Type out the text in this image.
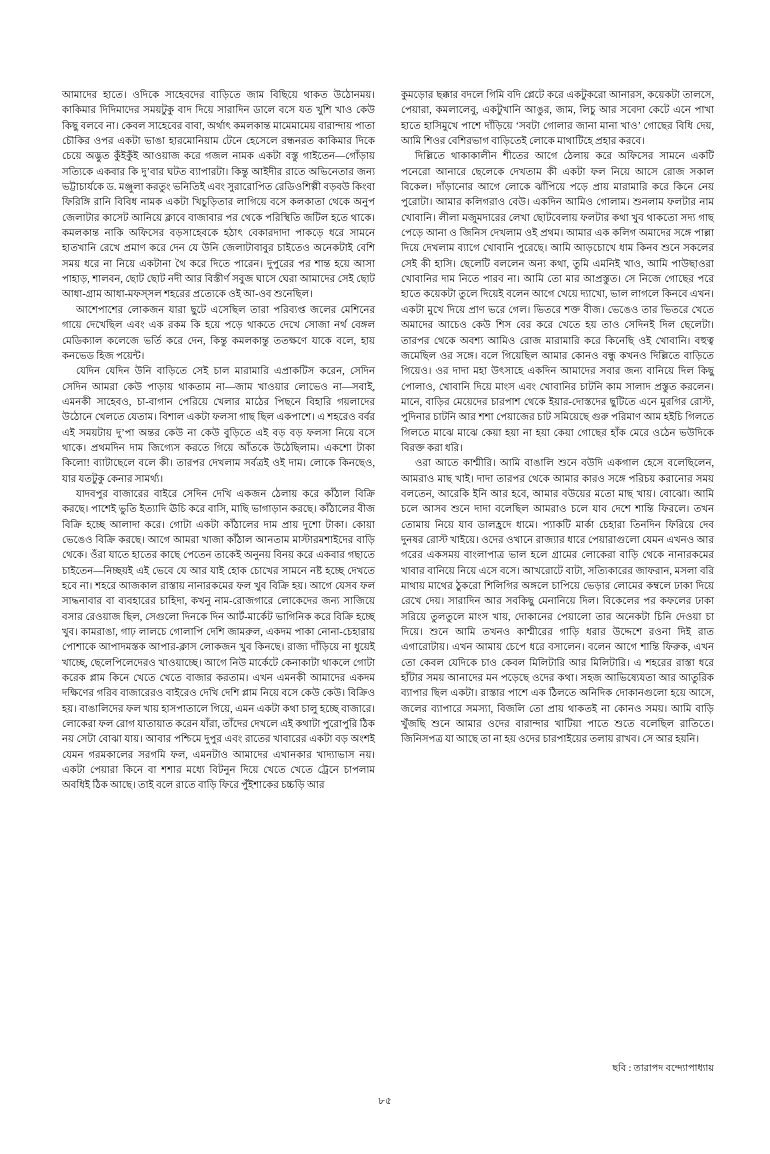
আমাদের হাতে। ওদিকে সাহেবদের বাড়িতে জাম বিছিয়ে থাকত উঠোনময়। কাকিমার দিদিমাদের সময়টুকু বাদ দিয়ে সারাদিন ডালে বসে যত খুশি খাও কেউ কিছু বলবে না। কেবল সাহেবের বাবা, অর্থাৎ কমলকান্ত মামেমামেয় বারান্দায় পাতা চৌকির ওপর একটা ভাঙা হারমোনিয়াম টেনে হেসেলে রন্ধনরত কাকিমার দিকে চেয়ে অদ্ভুত কুঁইকুঁই আওয়াজ করে গজল নামক একটা বস্তু গাইতেন—গোঁড়ায় সত্যিকে একবার কি দু’বার ঘটত ব্যাপারটা। কিন্তু আইদীর রাতে অভিনেতার জন্য ভট্টাচার্যকে ড. মঞ্জুলা করতুং ভনিতিই এবং সুরারোপিত রেডিওশিল্পী বড়বউ কিংবা ফিরিঙ্গি রানি বিবিধ নামক একটা খিচুড়িতার লাগিয়ে বসে কলকাতা থেকে অনুপ জেলাটার কাসেট আনিয়ে ক্লাবে বাজাবার পর থেকে পরিস্থিতি জটিল হতে থাকে। কমলকান্ত নাকি অফিসের বড়সাহেবকে হঠাৎ বেকারদাদা পাকড়ে ধরে সামনে হাতখানি রেখে প্রমাণ করে দেন যে উনি জেলাটাবাবুর চাইতেও অনেকটাই বেশি সময় ধরে না নিয়ে একটানা থৈ করে দিতে পারেন। দুপুরের পর শান্ত হয়ে আসা পাহাড়, শালবন, ছোট ছোট নদী আর বিস্তীর্ণ সবুজ ঘাসে ঘেরা আমাদের সেই ছোট আধা-গ্রাম আধা-মফস্সল শহরের প্রত্যেকে ওই আ-ওব শুনেছিল।

আশেপাশের লোকজন যারা ছুটে এসেছিল তারা পরিব্যপ্ত জলের মেশিনের গায়ে দেখেছিল এবং এক রকম কি হয়ে পড়ে থাকতে দেখে সোজা নর্থ বেঙ্গল মেডিক্যাল কলেজে ভর্তি করে দেন, কিন্তু কমলকান্তু ততক্ষণে যাকে বলে, হায় কনভেড হিজ পয়েন্ট।

যেদিন যেদিন উনি বাড়িতে সেই চাল মারামারি এপ্রাকটিস করেন, সেদিন সেদিন আমরা কেউ পাড়ায় থাকতাম না—জাম খাওয়ার লোভেও না—সবাই, এমনকী সাহেবও, চা-বাগান পেরিয়ে খেলার মাঠের পিছনে বিহারি গয়লাদের উঠোনে খেলতে যেতাম। বিশাল একটা ফলসা গাছ ছিল একপাশে। এ শহরেও বর্বর এই সময়টায় দু’পা অন্তর কেউ না কেউ বুড়িতে এই বড় বড় ফলসা নিয়ে বসে থাকে। প্রথমদিন দাম জিগ্যেস করতে গিয়ে আঁতকে উঠেছিলাম। একশো টাকা কিলো! ব্যাটাছেলে বলে কী। তারপর দেখলাম সর্বত্রই ওই দাম। লোকে কিনছেও, যার যতটুকু কেনার সামর্থ্য।

যাদবপুর বাজারের বাইরে সেদিন দেখি একজন ঠেলায় করে কাঁঠাল বিক্রি করছে। পাশেই ভুতি ইত্যাদি ঊচি করে বাসি, মাছি ভাগাড়ান করছে। কাঁঠালের বীজ বিক্রি হচ্ছে আলাদা করে। গোটা একটা কাঁঠালের দাম প্রায় দুশো টাকা। কোয়া ভেঙেও বিক্রি করছে। আগে আমরা খাজা কাঁঠাল আনতাম মাস্টারমশাইদের বাড়ি থেকে। ওঁরা যাতে হাতের কাছে পেতেন তাকেই অনুনয় বিনয় করে একবার গছাতে চাইতেন—নিচ্ছয়ই এই ভেবে যে আর যাই হোক চোখের সামনে নষ্ট হচ্ছে দেখতে হবে না। শহরে আজকাল রাস্তায় নানারকমের ফল খুব বিক্রি হয়। আগে যেসব ফল সাদ্ধনাবার বা ব্যবহারের চাহিদা, কখনু নাম-রোজগারে লোকেদের জন্য সাজিয়ে বসার রেওয়াজ ছিল, সেগুলো দিনকে দিন আর্ট-মার্কেট ভাগিনিক করে বিক্রি হচ্ছে খুব। কামরাঙা, গাঢ় লালচে গোলাপি দেশি জামরুল, একদম পাকা নোনা-চেহারায় পোশাকে আপাদমস্তক আপার-ক্লাস লোকজন খুব কিনছে। রাজ্য দাঁড়িয়ে না ধুয়েই খাচ্ছে, ছেলেপিলেদেরও খাওয়াচ্ছে। আগে নিউ মার্কেটে কেনাকাটা থাকলে গোটা করেক প্লাম কিনে খেতে খেতে বাজার করতাম। এখন এমনকী আমাদের একদম দক্ষিণের গরিব বাজারেরও বাইরেও দেখি দেশি প্লাম নিয়ে বসে কেউ কেউ। বিক্রিও হয়। বাঙালিদের ফল খায় হাসপাতালে গিয়ে, এমন একটা কথা চালু হচ্ছে বাজারে। লোকেরা ফল রোগ যাতায়াত করেন যাঁরা, তাঁদের দেখলে এই কথাটা পুরোপুরি ঠিক নয় সেটা বোঝা যায়। আবার পশ্চিমে দুপুর এবং রাতের খাবারের একটা বড় অংশই যেমন গরমকালের সরগমি ফল, এমনটাও আমাদের এখানকার খাদ্যাভাস নয়। একটা পেয়ারা কিনে বা শশার মধ্যে বিটনুন দিয়ে খেতে খেতে ট্রেনে চাপলাম অবধিই ঠিক আছে। তাই বলে রাতে বাড়ি ফিরে পুঁইশাকের চচ্চড়ি আর

কুমড়োর ছক্কার বদলে গিমি বদি প্লেটে করে একটুকরো আনারস, কয়েকটা তালসে, পেয়ারা, কমলালেবু, একটুখানি আঙুর, জাম, লিচু আর সবেদা কেটে এনে পাখা হাতে হাসিমুখে পাশে দাঁড়িয়ে ‘সবটা গোলার জানা মানা খাও’ গোছের বিধি দেয়, আমি শিওর বেশিরভাগ বাড়িতেই লোকে মাথাটিহে প্রহার করবে।

দিল্লিতে থাকাকালীন শীতের আগে ঠেলায় করে অফিসের সামনে একটি পনেরো আনারে ছেলেকে দেখতাম কী একটা ফল নিয়ে আসে রোজ সকাল বিকেল। দাঁড়ানোর আগে লোকে ঝাঁপিয়ে পড়ে প্রায় মারামারি করে কিনে নেয় পুরোটা। আমার কলিগরাও বেউ। একদিন আমিও গোলাম। শুনলাম ফলটার নাম খোবানি। লীলা মজুমদারের লেখা ছোটবেলায় ফলটার কথা খুব থাকতো সদ্য গাছ পেড়ে আনা ও জিনিস দেখলাম ওই প্রথম। আমার এক কলিগ অমাদের সঙ্গে পাল্লা দিয়ে দেখলাম ব্যাগে খোবানি পুরেছে। আমি আড়চোখে ধাম কিনব শুনে সকলের সেই কী হাসি। ছেলেটি বললেন অন্য কথা, তুমি এমনিই খাও, আমি পাউছাওরা খোবানির দাম নিতে পারব না। আমি তো মার আপ্রস্তুত। সে নিজে গোছের পরে হাতে কয়েকটা তুলে দিয়েই বলেন আগে খেয়ে দ্যাখো, ভাল লাগলে কিনবে এখন। একটা মুখে দিয়ে প্রাণ ভরে গেল। ভিতরে শক্ত বীজ। ভেঙেও তার ভিতরে খেতে অমাদের আচেও কেউ শিস বের করে খেতে হয় তাও সেদিনই দিল ছেলেটা। তারপর থেকে অবশ্য আমিও রোজ মারামারি করে কিনেছি ওই খোবানি। বহুত্ব জমেছিল ওর সঙ্গে। বলে গিয়েছিল আমার কোনও বন্ধু কখনও দিল্লিতে বাড়িতে গিয়েও। ওর দাদা মহা উৎসাহে একদিন আমাদের সবার জন্য বানিয়ে দিল কিছু পোলাও, খোবানি দিয়ে মাংস এবং খোবানির চাটনি কাম সালাদ প্রস্তুত করলেন। মানে, বাড়ির মেয়েদের চারপাশ থেকে ইয়ার-দোস্তদের ছুটিতে এনে মুরগির রোস্ট, পুদিনার চাটনি আর শশা পেয়াজের চাট সমিয়েছে গুরু পরিমাণ আম হইচি গিলতে গিলতে মাঝে মাঝে কেয়া হয়া না হয়া কেয়া গোছের হাঁক মেরে ওঠেন ভউদিকে বিরক্ত করা ধরি।

ওরা আতে কাশ্মীরি। আমি বাঙালি শুনে বউদি একগাল হেসে বলেছিলেন, আমরাও মাছ খাই। দাদা তারপর থেকে আমার কারও সঙ্গে পরিচয় করানোর সময় বলতেন, আরেকি ইনি আর হবে, আমার বউয়ের মতো মাছ খায়। বোঝো। আমি চলে আসব শুনে দাদা বলেছিল আমরাও চলে যাব দেশে শান্তি ফিরলে। তখন তোমায় নিয়ে যাব ডালহ্রদে ধামে। প্যাকটি মার্কা চেহারা তিনদিন ফিরিয়ে দেব দুনষর রোস্ট খাইয়ে। ওদের ওখানে রাজ্যার ধারে পেয়ারাগুলো যেমন এখনও আর গরের একসময় বাংলাপাত্র ভাল হলে গ্রামের লোকেরা বাড়ি থেকে নানারকমের খাবার বানিয়ে নিয়ে এসে বসে। আখরোটে বাটা, সত্যিকারের জাফরান, মসলা বরি মাথায় মাথের ঠুকরো শিলিগির অঙ্গলে চাপিয়ে ভেড়ার লোমের কম্বলে ঢাকা দিয়ে রেখে দেয়। সারাদিন আর সবকিছু মেনানিয়ে দিল। বিকেলের পর কফলের ঢাকা সরিয়ে তুলতুলে মাংস খায়, দোকানের পেয়ালো তার অনেকটা চিনি দেওয়া চা দিয়ে। শুনে আমি তখনও কাশ্মীরের গাড়ি ধরার উদ্দেশে রওনা দিই রাত এগারোটায়। এখন আমায় চেপে ধরে বসালেন। বলেন আগে শান্তি ফিরুক, এখন তো কেবল যেদিকে চাও কেবল মিলিটারি আর মিলিটারি। এ শহরের রাস্তা ধরে হাঁটার সময় আনাদের মন পড়েছে ওদের কথা। সহজ আভিষ্যেযতা আর আতুরিক ব্যাপার ছিল একটা। রাস্তার পাশে এক ঠিলতে অনিদিক দোকানগুলো হয়ে আসে, জলের ব্যাপারে সমস্যা, বিজলি তো প্রায় থাকতই না কোনও সময়। আমি বাড়ি খুঁজছি শুনে আমার ওদের বারান্দার খাটিয়া পাতে শুতে বলেছিল রাতিতে। জিনিসপত্র যা আছে তা না হয় ওদের চারপাইয়ের তলায় রাখব। সে আর হয়নি।

ছবি : তারাপদ বন্দ্যোপাধ্যায়
৮৫
